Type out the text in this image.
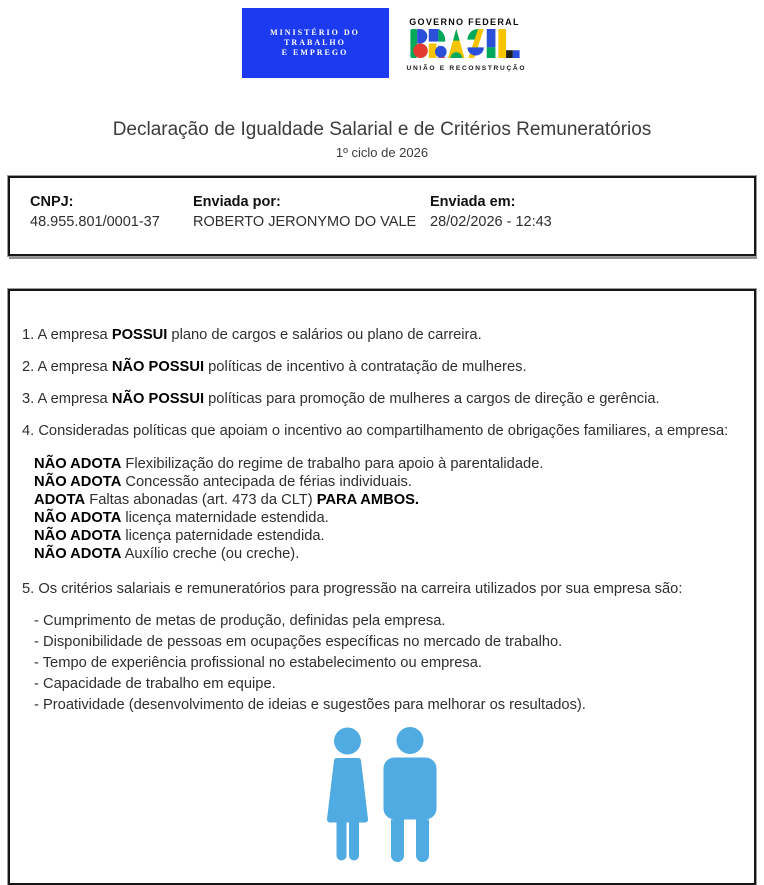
MINISTÉRIO DO
TRABALHO
E EMPREGO
GOVERNO FEDERAL
UNIÃO E RECONSTRUÇÃO
Declaração de Igualdade Salarial e de Critérios Remuneratórios
1º ciclo de 2026
CNPJ:
48.955.801/0001-37
Enviada por:
ROBERTO JERONYMO DO VALE
Enviada em:
28/02/2026 - 12:43

1. A empresa POSSUI plano de cargos e salários ou plano de carreira.

2. A empresa NÃO POSSUI políticas de incentivo à contratação de mulheres.

3. A empresa NÃO POSSUI políticas para promoção de mulheres a cargos de direção e gerência.

4. Consideradas políticas que apoiam o incentivo ao compartilhamento de obrigações familiares, a empresa:

NÃO ADOTA Flexibilização do regime de trabalho para apoio à parentalidade.
NÃO ADOTA Concessão antecipada de férias individuais.
ADOTA Faltas abonadas (art. 473 da CLT) PARA AMBOS.
NÃO ADOTA licença maternidade estendida.
NÃO ADOTA licença paternidade estendida.
NÃO ADOTA Auxílio creche (ou creche).

5. Os critérios salariais e remuneratórios para progressão na carreira utilizados por sua empresa são:

- Cumprimento de metas de produção, definidas pela empresa.
- Disponibilidade de pessoas em ocupações específicas no mercado de trabalho.
- Tempo de experiência profissional no estabelecimento ou empresa.
- Capacidade de trabalho em equipe.
- Proatividade (desenvolvimento de ideias e sugestões para melhorar os resultados).
